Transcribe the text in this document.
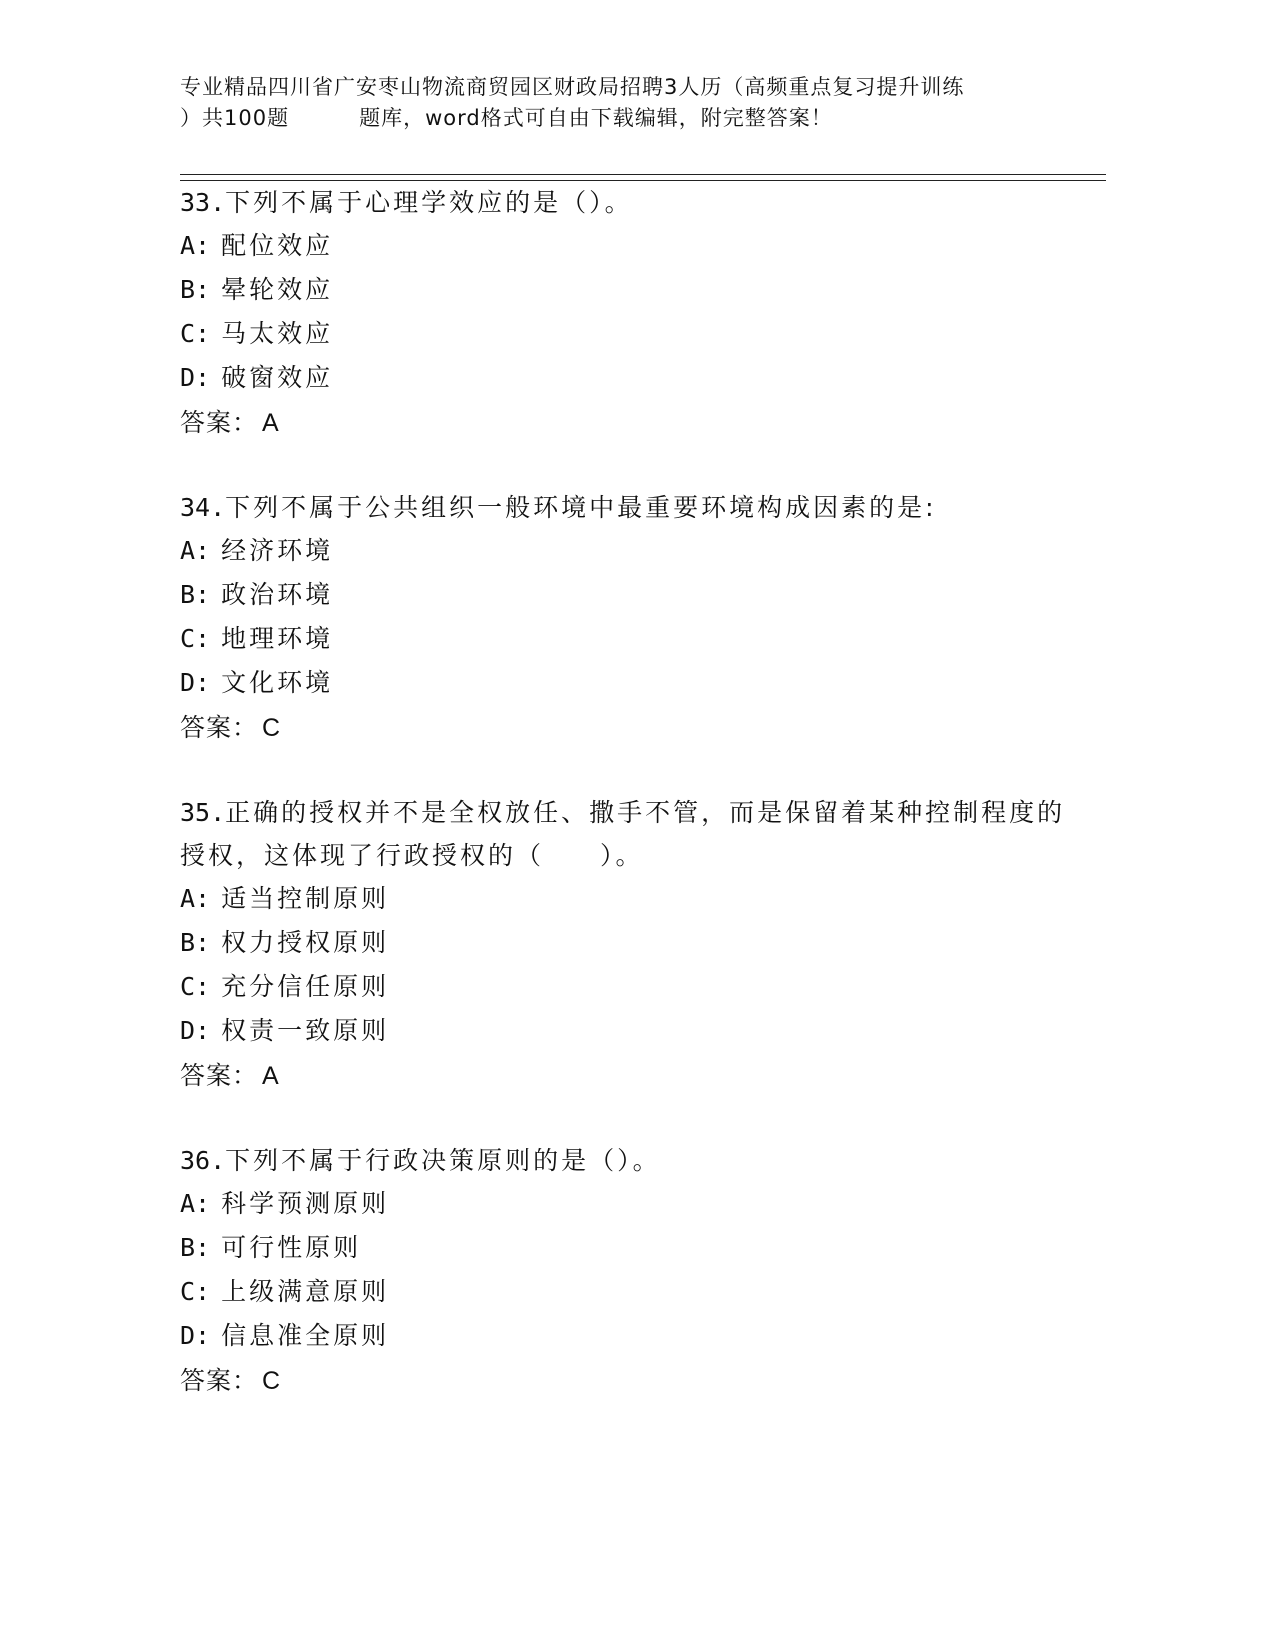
专业精品四川省广安枣山物流商贸园区财政局招聘3人历（高频重点复习提升训练
）共100题	题库，word格式可自由下载编辑，附完整答案！
33.下列不属于心理学效应的是（）。
A: 配位效应
B: 晕轮效应
C: 马太效应
D: 破窗效应
答案： A
34.下列不属于公共组织一般环境中最重要环境构成因素的是:
A: 经济环境
B: 政治环境
C: 地理环境
D: 文化环境
答案： C
35.正确的授权并不是全权放任、撒手不管，而是保留着某种控制程度的授权，这体现了行政授权的（　　）。
A: 适当控制原则
B: 权力授权原则
C: 充分信任原则
D: 权责一致原则
答案： A
36.下列不属于行政决策原则的是（）。
A: 科学预测原则
B: 可行性原则
C: 上级满意原则
D: 信息准全原则
答案： C
